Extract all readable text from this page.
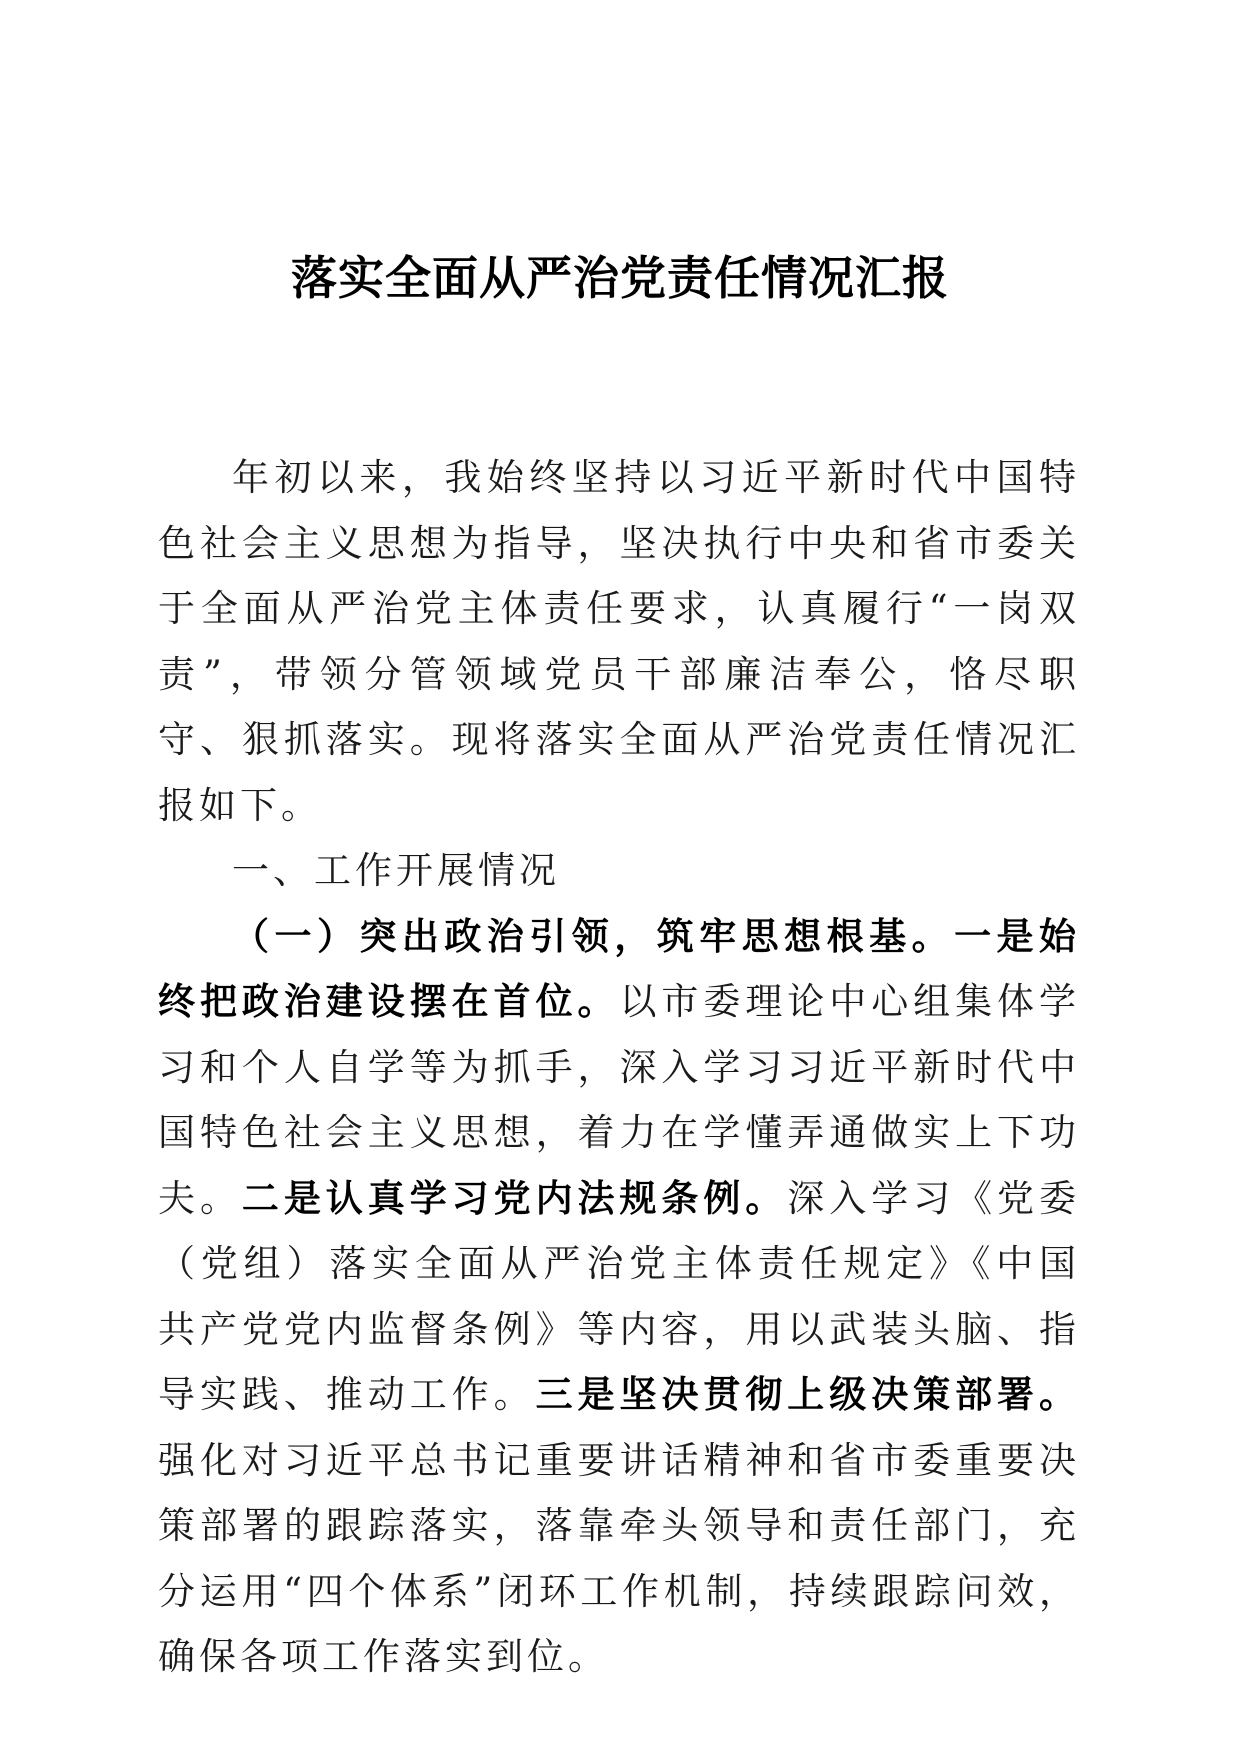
落实全面从严治党责任情况汇报

年初以来，我始终坚持以习近平新时代中国特色社会主义思想为指导，坚决执行中央和省市委关于全面从严治党主体责任要求，认真履行“一岗双责”，带领分管领域党员干部廉洁奉公，恪尽职守、狠抓落实。现将落实全面从严治党责任情况汇报如下。

一、工作开展情况

（一）突出政治引领，筑牢思想根基。一是始终把政治建设摆在首位。以市委理论中心组集体学习和个人自学等为抓手，深入学习习近平新时代中国特色社会主义思想，着力在学懂弄通做实上下功夫。二是认真学习党内法规条例。深入学习《党委（党组）落实全面从严治党主体责任规定》《中国共产党党内监督条例》等内容，用以武装头脑、指导实践、推动工作。三是坚决贯彻上级决策部署。强化对习近平总书记重要讲话精神和省市委重要决策部署的跟踪落实，落靠牵头领导和责任部门，充分运用“四个体系”闭环工作机制，持续跟踪问效，确保各项工作落实到位。
